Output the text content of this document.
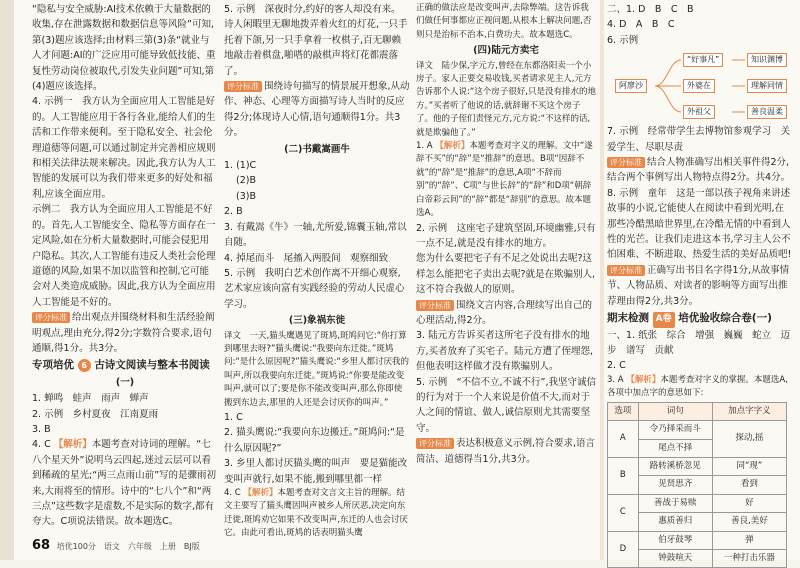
“隐私与安全威胁:AI技术依赖于大量数据的收集,存在泄露数据和数据信息等风险”可知,第(3)题应该选择;由材料三第(3)条“就业与人才问题:AI的广泛应用可能导致低技能、重复性劳动岗位被取代,引发失业问题”可知,第(4)题应该选择。

4. 示例一　我方认为全面应用人工智能是好的。人工智能应用于各行各业,能给人们的生活和工作带来便利。至于隐私安全、社会伦理道德等问题,可以通过制定并完善相应规则和相关法律法规来解决。因此,我方认为人工智能的发展可以为我们带来更多的好处和福利,应该全面应用。

示例二　我方认为全面应用人工智能是不好的。首先,人工智能安全、隐私等方面存在一定风险,如在分析大量数据时,可能会侵犯用户隐私。其次,人工智能有违反人类社会伦理道德的风险,如果不加以监管和控制,它可能会对人类造成威胁。因此,我方认为全面应用人工智能是不好的。

评分标准 给出观点并围绕材料和生活经验阐明观点,理由充分,得2分;字数符合要求,语句通顺,得1分。共3分。

专项培优 6 古诗文阅读与整本书阅读
(一)

1. 蝉鸣　蛙声　雨声　蝉声

2. 示例　乡村夏夜　江南夏雨

3. B

4. C 【解析】本题考查对诗词的理解。“七八个星天外”说明乌云四起,迷过云层可以看到稀疏的星光;“两三点雨山前”写的是骤雨初来,大雨将至的情形。诗中的“七八个”和“两三点”这些数字是虚数,不是实际的数字,都有夸大。C项说法错误。故本题选C。

5. 示例　深夜时分,约好的客人却没有来。诗人闲暇里无聊地拨弄着火红的灯花,一只手托着下颌,另一只手拿着一枚棋子,百无聊赖地敲击着棋盘,啪嗒的敲棋声将灯花都震落了。

评分标准 围绕诗句描写的情景展开想象,从动作、神态、心理等方面描写诗人当时的反应得2分;体现诗人心情,语句通顺得1分。共3分。

(二)书戴嵩画牛

1. (1)C

(2)B

(3)B

2. B

3. 有戴嵩《牛》一轴,尤所爱,锦囊玉轴,常以自随。

4. 掉尾而斗　尾搐入两股间　观察细致

5. 示例　我明白艺术创作离不开细心观察,艺术家应该向富有实践经验的劳动人民虚心学习。

(三)象祸东徙

译文　一天,猫头鹰遇见了斑鸠,斑鸠问它:“你打算到哪里去呀?”猫头鹰说:“我要向东迁徙。”斑鸠问:“是什么原因呢?”猫头鹰说:“乡里人都讨厌我的叫声,所以我要向东迁徙。”斑鸠说:“你要是能改变叫声,就可以了;要是你不能改变叫声,那么你即使搬到东边去,那里的人还是会讨厌你的叫声。”

1. C

2. 猫头鹰说:“我要向东边搬迁。”斑鸠问:“是什么原因呢?”

3. 乡里人都讨厌猫头鹰的叫声　要是猫能改变叫声就行,如果不能,搬到哪里都一样

4. C 【解析】本题考查对文言文主旨的理解。结文主要写了猫头鹰因叫声被乡人所厌恶,决定向东迁徙,斑鸠劝它如果不改变叫声,东迁的人也会讨厌它。由此可看出,斑鸠的话表明猫头鹰

正确的做法应是改变叫声,去除弊端。这告诉我们做任何事都应正视问题,从根本上解决问题,否则只是治标不治本,白费功夫。故本题选C。

(四)陆元方卖宅

译文　陆少保,字元方,曾经在东都洛阳卖一个小房子。家人正要交易收钱,买者请求见主人,元方告诉那个人说:“这个房子很好,只是没有排水的地方。”买者听了他说的话,就辞谢不买这个房子了。他的子侄们责怪元方,元方说:“不这样的话,就是欺骗他了。”

1. A 【解析】本题考查对字义的理解。文中“遂辞不买”的“辞”是“推辞”的意思。B项“因辞不就”的“辞”是“推辞”的意思,A项“不辞而别”的“辞”、C项“与世长辞”的“辞”和D项“朝辞白帝彩云间”的“辞”都是“辞别”的意思。故本题选A。

2. 示例　这座宅子建筑坚固,环境幽雅,只有一点不足,就是没有排水的地方。

您为什么要把宅子有不足之处说出去呢?这样怎么能把宅子卖出去呢?就是在欺骗别人,这不符合我做人的原则。

评分标准 围绕文言内容,合理续写出自己的心理活动,得2分。

3. 陆元方告诉买者这所宅子没有排水的地方,买者放弃了买宅子。陆元方遭了侄埋怨,但他表明这样做才没有欺骗别人。

5. 示例　“不信不立,不诚不行”,我坚守诚信的行为对于一个人来说是价值不大,而对于人之间的情谊、做人,诚信原则尤其需要坚守。

评分标准 表达积极意义示例,符合要求,语言简洁、道德得当1分,共3分。

二、1. D　B　C　B

4. D　A　B　C

6. 示例

阿廖沙
“好事凡”
外婆在
外祖父
知识渊博
理解同情
善良温柔

7. 示例　经常带学生去博物馆参观学习　关爱学生、尽职尽责

评分标准 结合人物准确写出相关事件得2分,结合两个事例写出人物特点得2分。共4分。

8. 示例　童年　这是一部以孩子视角来讲述故事的小说,它能使人在阅读中看到光明,在那些冷酷黑暗世界里,在冷酷无情的中看到人性的光芒。让我们走进这本书,学习主人公不怕困难、不断进取、热爱生活的美好品质吧!

评分标准 正确写出书目名字得1分,从故事情节、人物品质、对读者的影响等方面写出推荐理由得2分,共3分。

期末检测 A卷 培优验收综合卷(一)

一、1. 纸张　综合　增强　巍巍　蛇立　迈步　谱写　贡献

2. C

3. A 【解析】本题考查对字义的掌握。本题选A,各项中加点字的意思如下:

选项	词句	加点字字义
A	令乃择采而斗	探动,摇
	尾点不择	
B	路转溪桥忽见	同“现”
	见贤思齐	看到
C	善战于易赎	好
	惠质善归	善良,美好
D	伯牙鼓琴	弹
	钟鼓喧天	一种打击乐器
68 培优100分　语文　六年级　上册　BJ版
